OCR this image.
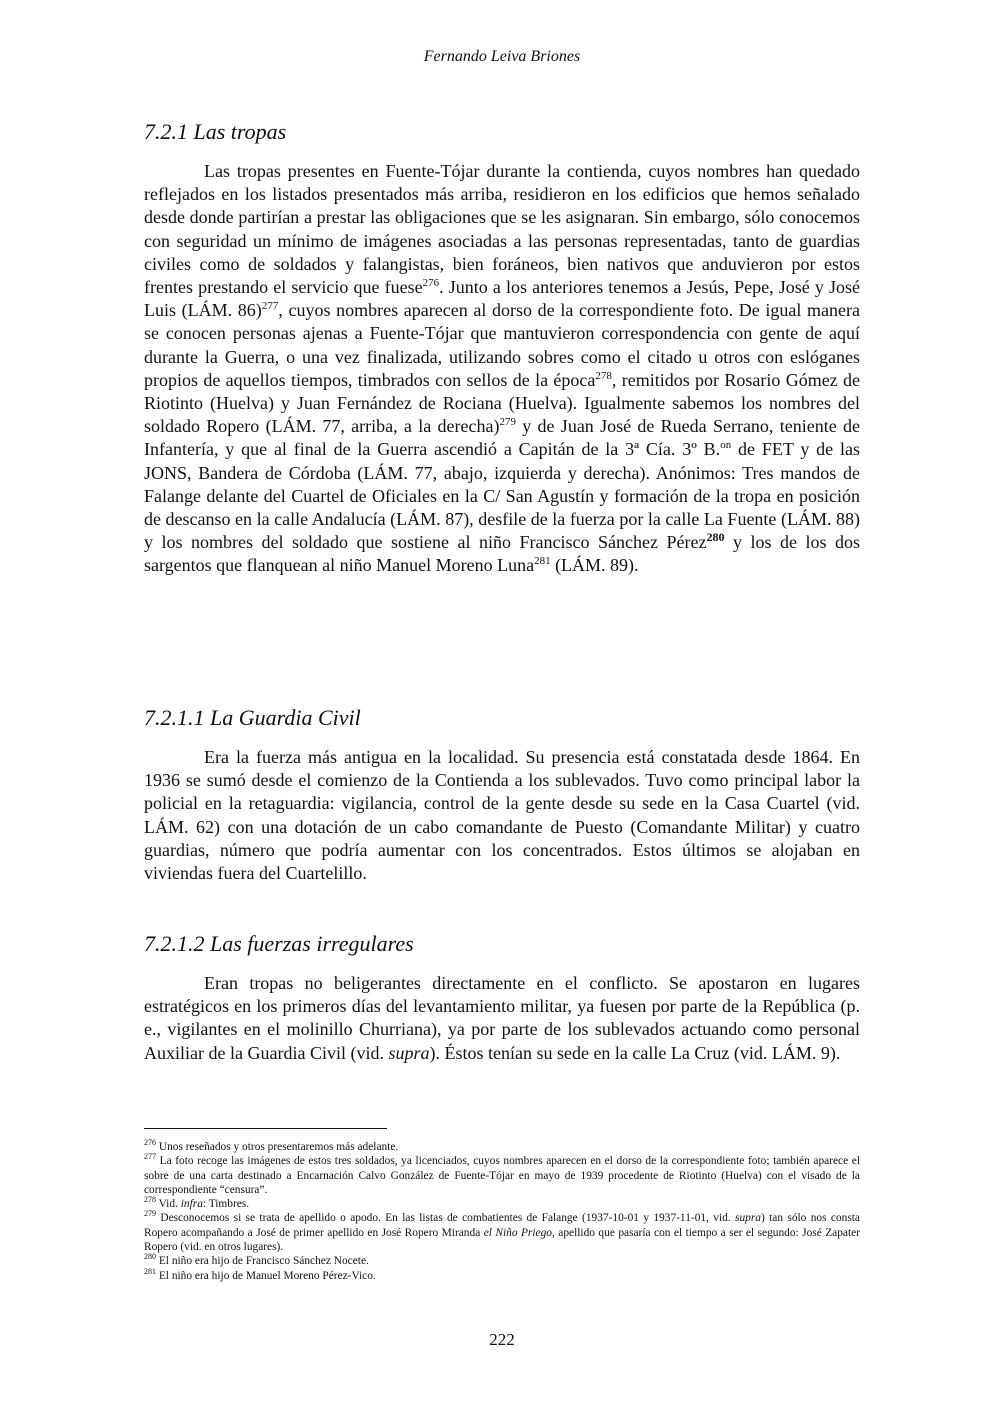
Fernando Leiva Briones
7.2.1 Las tropas

Las tropas presentes en Fuente-Tójar durante la contienda, cuyos nombres han quedado reflejados en los listados presentados más arriba, residieron en los edificios que hemos señalado desde donde partirían a prestar las obligaciones que se les asignaran. Sin embargo, sólo conocemos con seguridad un mínimo de imágenes asociadas a las personas representadas, tanto de guardias civiles como de soldados y falangistas, bien foráneos, bien nativos que anduvieron por estos frentes prestando el servicio que fuese$^{276}$. Junto a los anteriores tenemos a Jesús, Pepe, José y José Luis (LÁM. 86)$^{277}$, cuyos nombres aparecen al dorso de la correspondiente foto. De igual manera se conocen personas ajenas a Fuente-Tójar que mantuvieron correspondencia con gente de aquí durante la Guerra, o una vez finalizada, utilizando sobres como el citado u otros con eslóganes propios de aquellos tiempos, timbrados con sellos de la época$^{278}$, remitidos por Rosario Gómez de Riotinto (Huelva) y Juan Fernández de Rociana (Huelva). Igualmente sabemos los nombres del soldado Ropero (LÁM. 77, arriba, a la derecha)$^{279}$ y de Juan José de Rueda Serrano, teniente de Infantería, y que al final de la Guerra ascendió a Capitán de la 3ª Cía. 3º B.$^{on}$ de FET y de las JONS, Bandera de Córdoba (LÁM. 77, abajo, izquierda y derecha). Anónimos: Tres mandos de Falange delante del Cuartel de Oficiales en la C/ San Agustín y formación de la tropa en posición de descanso en la calle Andalucía (LÁM. 87), desfile de la fuerza por la calle La Fuente (LÁM. 88) y los nombres del soldado que sostiene al niño Francisco Sánchez Pérez$^{280}$ y los de los dos sargentos que flanquean al niño Manuel Moreno Luna$^{281}$ (LÁM. 89).

7.2.1.1 La Guardia Civil

Era la fuerza más antigua en la localidad. Su presencia está constatada desde 1864. En 1936 se sumó desde el comienzo de la Contienda a los sublevados. Tuvo como principal labor la policial en la retaguardia: vigilancia, control de la gente desde su sede en la Casa Cuartel (vid. LÁM. 62) con una dotación de un cabo comandante de Puesto (Comandante Militar) y cuatro guardias, número que podría aumentar con los concentrados. Estos últimos se alojaban en viviendas fuera del Cuartelillo.

7.2.1.2 Las fuerzas irregulares

Eran tropas no beligerantes directamente en el conflicto. Se apostaron en lugares estratégicos en los primeros días del levantamiento militar, ya fuesen por parte de la República (p. e., vigilantes en el molinillo Churriana), ya por parte de los sublevados actuando como personal Auxiliar de la Guardia Civil (vid. supra). Éstos tenían su sede en la calle La Cruz (vid. LÁM. 9).

$^{276}$ Unos reseñados y otros presentaremos más adelante.

$^{277}$ La foto recoge las imágenes de estos tres soldados, ya licenciados, cuyos nombres aparecen en el dorso de la correspondiente foto; también aparece el sobre de una carta destinado a Encarnación Calvo González de Fuente-Tójar en mayo de 1939 procedente de Riotinto (Huelva) con el visado de la correspondiente “censura”.

$^{278}$ Vid. infra: Timbres.

$^{279}$ Desconocemos si se trata de apellido o apodo. En las listas de combatientes de Falange (1937-10-01 y 1937-11-01, vid. supra) tan sólo nos consta Ropero acompañando a José de primer apellido en José Ropero Miranda el Niño Priego, apellido que pasaría con el tiempo a ser el segundo: José Zapater Ropero (vid. en otros lugares).

$^{280}$ El niño era hijo de Francisco Sánchez Nocete.

$^{281}$ El niño era hijo de Manuel Moreno Pérez-Vico.

222
